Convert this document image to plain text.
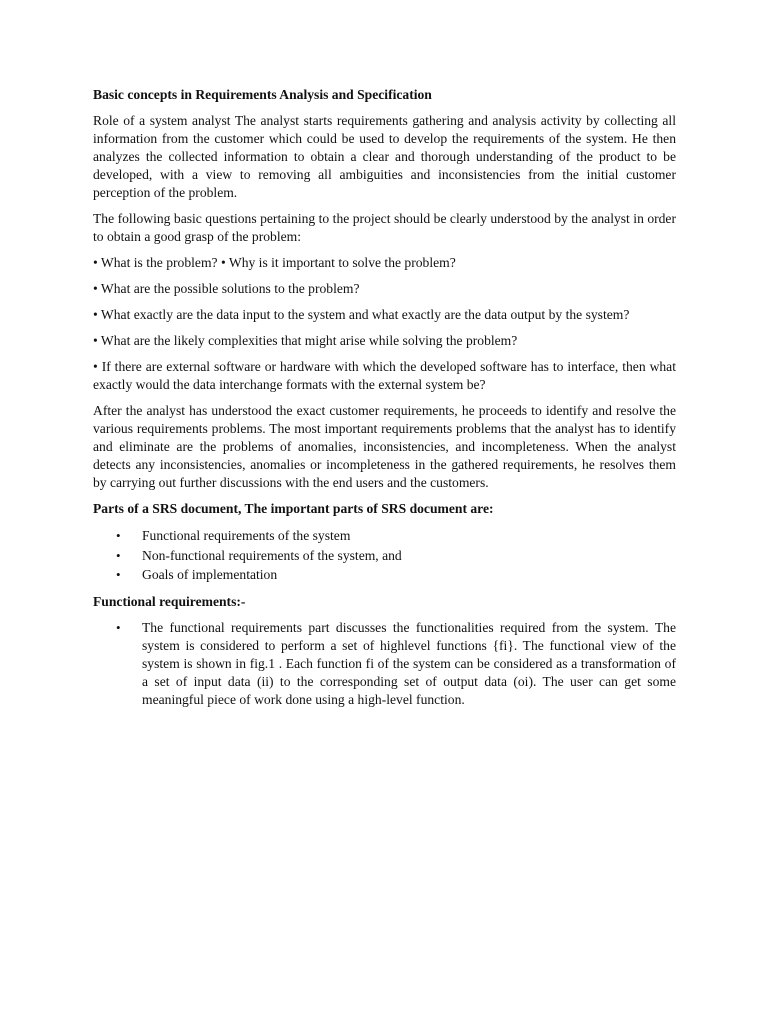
Basic concepts in Requirements Analysis and Specification

Role of a system analyst The analyst starts requirements gathering and analysis activity by collecting all information from the customer which could be used to develop the requirements of the system. He then analyzes the collected information to obtain a clear and thorough understanding of the product to be developed, with a view to removing all ambiguities and inconsistencies from the initial customer perception of the problem.

The following basic questions pertaining to the project should be clearly understood by the analyst in order to obtain a good grasp of the problem:

• What is the problem? • Why is it important to solve the problem?

• What are the possible solutions to the problem?

• What exactly are the data input to the system and what exactly are the data output by the system?

• What are the likely complexities that might arise while solving the problem?

• If there are external software or hardware with which the developed software has to interface, then what exactly would the data interchange formats with the external system be?

After the analyst has understood the exact customer requirements, he proceeds to identify and resolve the various requirements problems. The most important requirements problems that the analyst has to identify and eliminate are the problems of anomalies, inconsistencies, and incompleteness. When the analyst detects any inconsistencies, anomalies or incompleteness in the gathered requirements, he resolves them by carrying out further discussions with the end users and the customers.

Parts of a SRS document, The important parts of SRS document are:
• Functional requirements of the system
• Non-functional requirements of the system, and
• Goals of implementation
Functional requirements:-
• The functional requirements part discusses the functionalities required from the system. The system is considered to perform a set of highlevel functions {fi}. The functional view of the system is shown in fig.1 . Each function fi of the system can be considered as a transformation of a set of input data (ii) to the corresponding set of output data (oi). The user can get some meaningful piece of work done using a high-level function.
